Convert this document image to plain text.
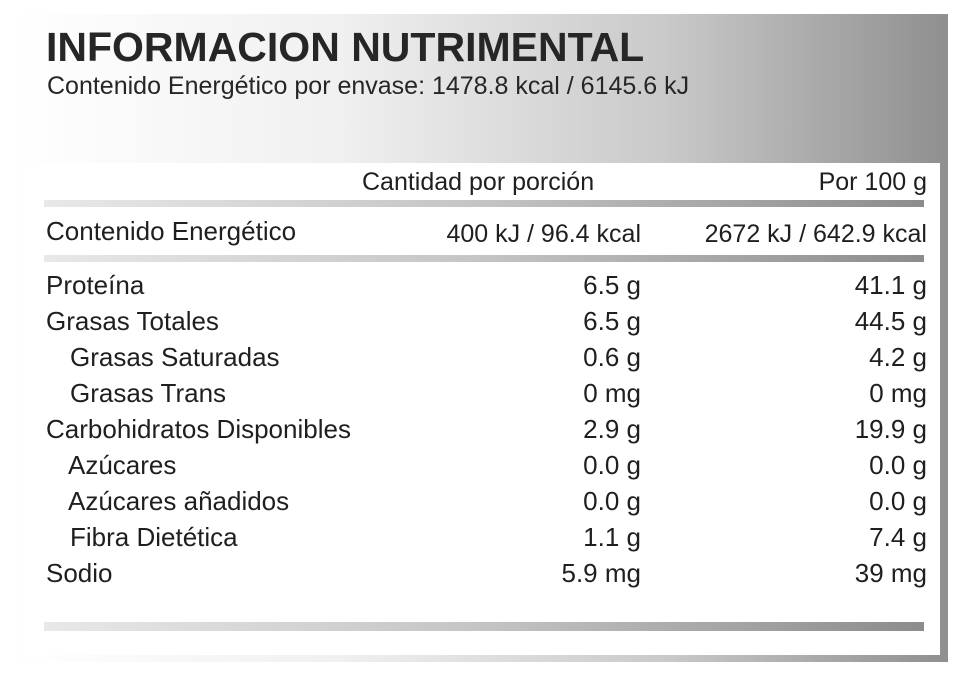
INFORMACION NUTRIMENTAL
Contenido Energético por envase: 1478.8 kcal / 6145.6 kJ
Cantidad por porción	Por 100 g
Contenido Energético	400 kJ / 96.4 kcal	2672 kJ / 642.9 kcal
Proteína	6.5 g	41.1 g
Grasas Totales	6.5 g	44.5 g
Grasas Saturadas	0.6 g	4.2 g
Grasas Trans	0 mg	0 mg
Carbohidratos Disponibles	2.9 g	19.9 g
Azúcares	0.0 g	0.0 g
Azúcares añadidos	0.0 g	0.0 g
Fibra Dietética	1.1 g	7.4 g
Sodio	5.9 mg	39 mg
